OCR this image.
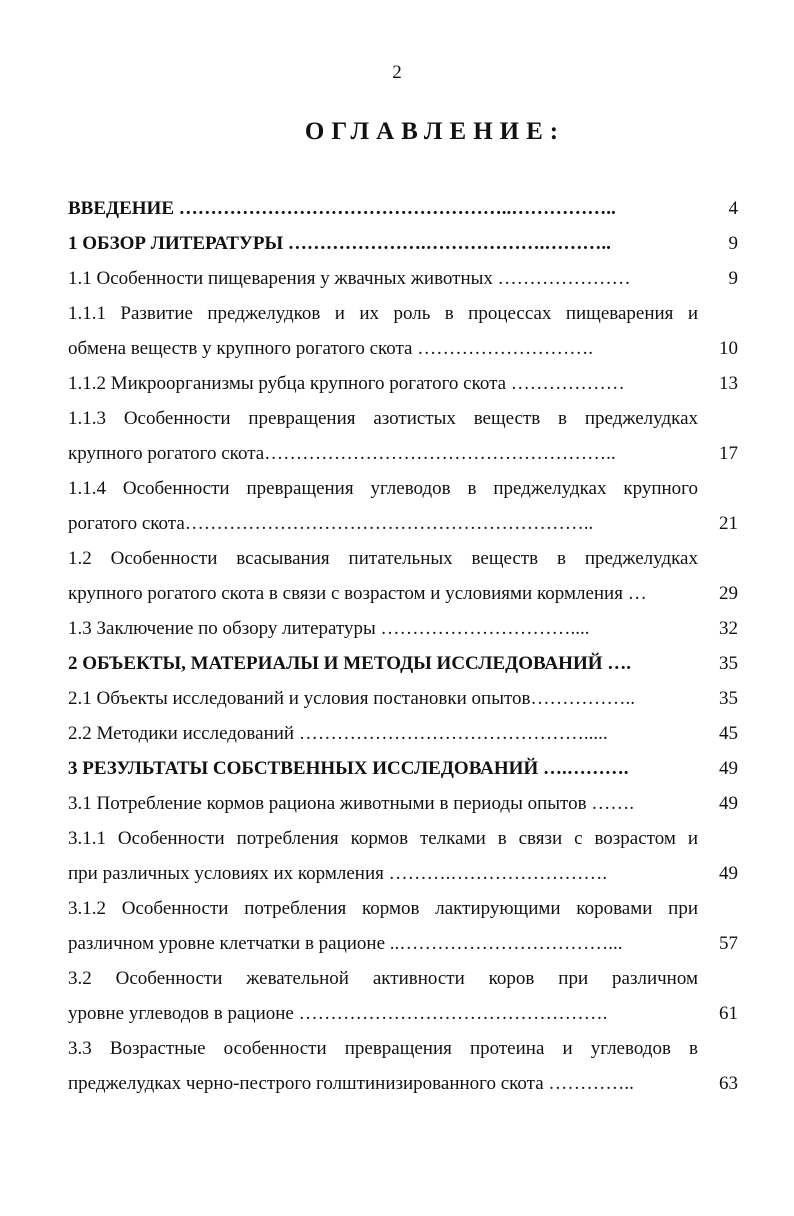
2
ОГЛАВЛЕНИЕ:
ВВЕДЕНИЕ ……………………………………………..……………..	4
1 ОБЗОР ЛИТЕРАТУРЫ ………………….……………….………..	9
1.1 Особенности пищеварения у жвачных животных …………………	9
1.1.1 Развитие преджелудков и их роль в процессах пищеварения и
обмена веществ у крупного рогатого скота ……………………….	10
1.1.2 Микроорганизмы рубца крупного рогатого скота ………………	13
1.1.3 Особенности превращения азотистых веществ в преджелудках
крупного рогатого скота………………………………………………..	17
1.1.4 Особенности превращения углеводов в преджелудках крупного
рогатого скота………………………………………………………..	21
1.2 Особенности всасывания питательных веществ в преджелудках
крупного рогатого скота в связи с возрастом и условиями кормления …	29
1.3 Заключение по обзору литературы …………………………....	32
2 ОБЪЕКТЫ, МАТЕРИАЛЫ И МЕТОДЫ ИССЛЕДОВАНИЙ ….	35
2.1 Объекты исследований и условия постановки опытов……………..	35
2.2 Методики исследований ……………………………………….....	45
3 РЕЗУЛЬТАТЫ СОБСТВЕННЫХ ИССЛЕДОВАНИЙ ….……….	49
3.1 Потребление кормов рациона животными в периоды опытов …….	49
3.1.1 Особенности потребления кормов телками в связи с возрастом и
при различных условиях их кормления ……….…………………….	49
3.1.2 Особенности потребления кормов лактирующими коровами при
различном уровне клетчатки в рационе ..……………………………...	57
3.2 Особенности жевательной активности коров при различном
уровне углеводов в рационе ………………………………………….	61
3.3 Возрастные особенности превращения протеина и углеводов в
преджелудках черно-пестрого голштинизированного скота …………..	63
